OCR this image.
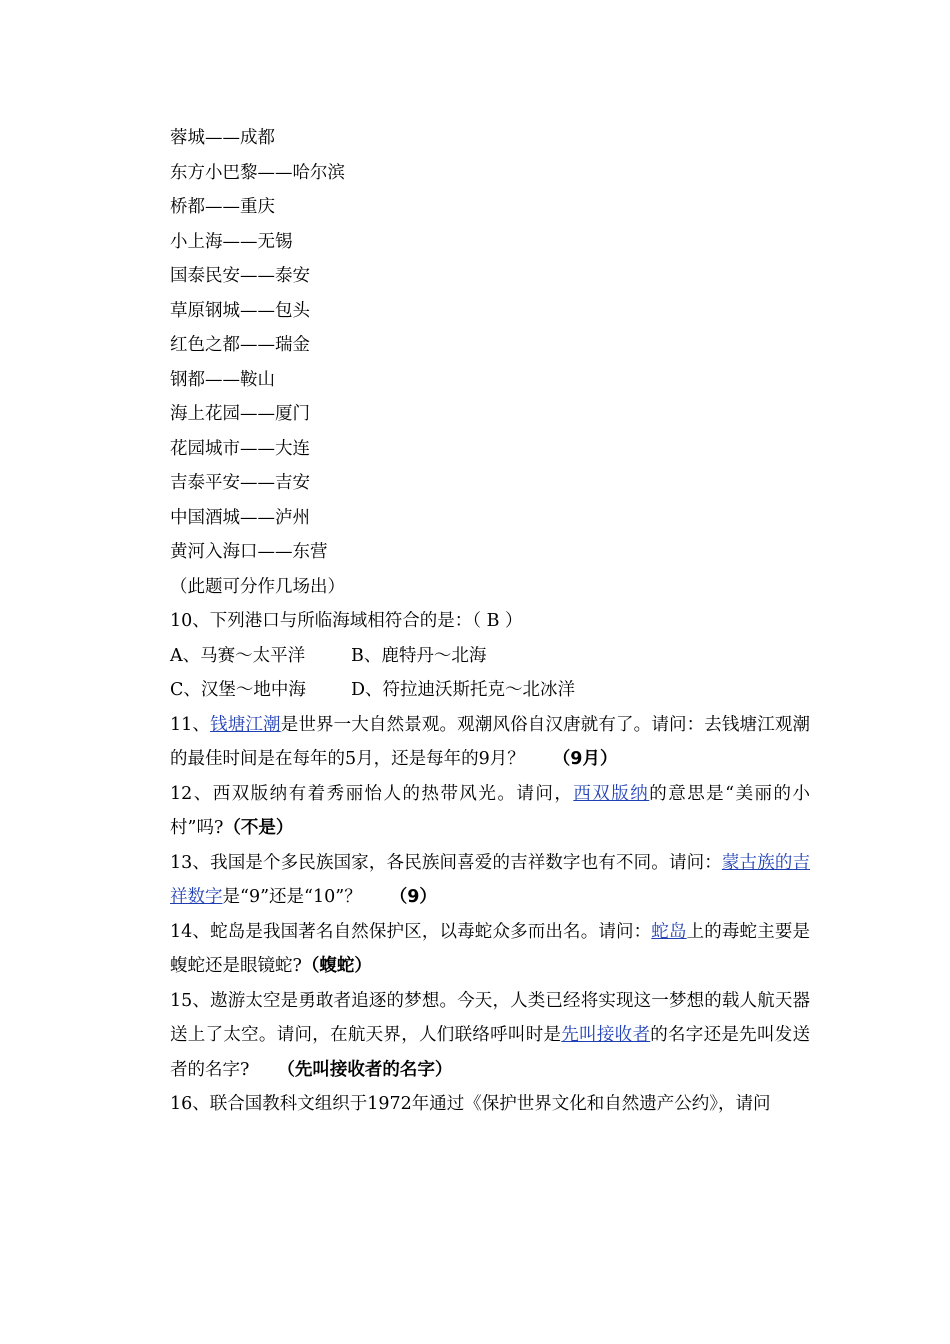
蓉城——成都
东方小巴黎——哈尔滨
桥都——重庆
小上海——无锡
国泰民安——泰安
草原钢城——包头
红色之都——瑞金
钢都——鞍山
海上花园——厦门
花园城市——大连
吉泰平安——吉安
中国酒城——泸州
黄河入海口——东营
（此题可分作几场出）
10、下列港口与所临海域相符合的是：（ B ）
A、马赛～太平洋	B、鹿特丹～北海
C、汉堡～地中海	D、符拉迪沃斯托克～北冰洋
11、钱塘江潮是世界一大自然景观。观潮风俗自汉唐就有了。请问：去钱塘江观潮的最佳时间是在每年的5月，还是每年的9月？ （9月）
12、西双版纳有着秀丽怡人的热带风光。请问，西双版纳的意思是“美丽的小村”吗?（不是）
13、我国是个多民族国家，各民族间喜爱的吉祥数字也有不同。请问：蒙古族的吉祥数字是“9”还是“10”？ （9）
14、蛇岛是我国著名自然保护区，以毒蛇众多而出名。请问：蛇岛上的毒蛇主要是蝮蛇还是眼镜蛇?（蝮蛇）
15、遨游太空是勇敢者追逐的梦想。今天，人类已经将实现这一梦想的载人航天器送上了太空。请问，在航天界，人们联络呼叫时是先叫接收者的名字还是先叫发送者的名字? （先叫接收者的名字）
16、联合国教科文组织于1972年通过《保护世界文化和自然遗产公约》，请问
